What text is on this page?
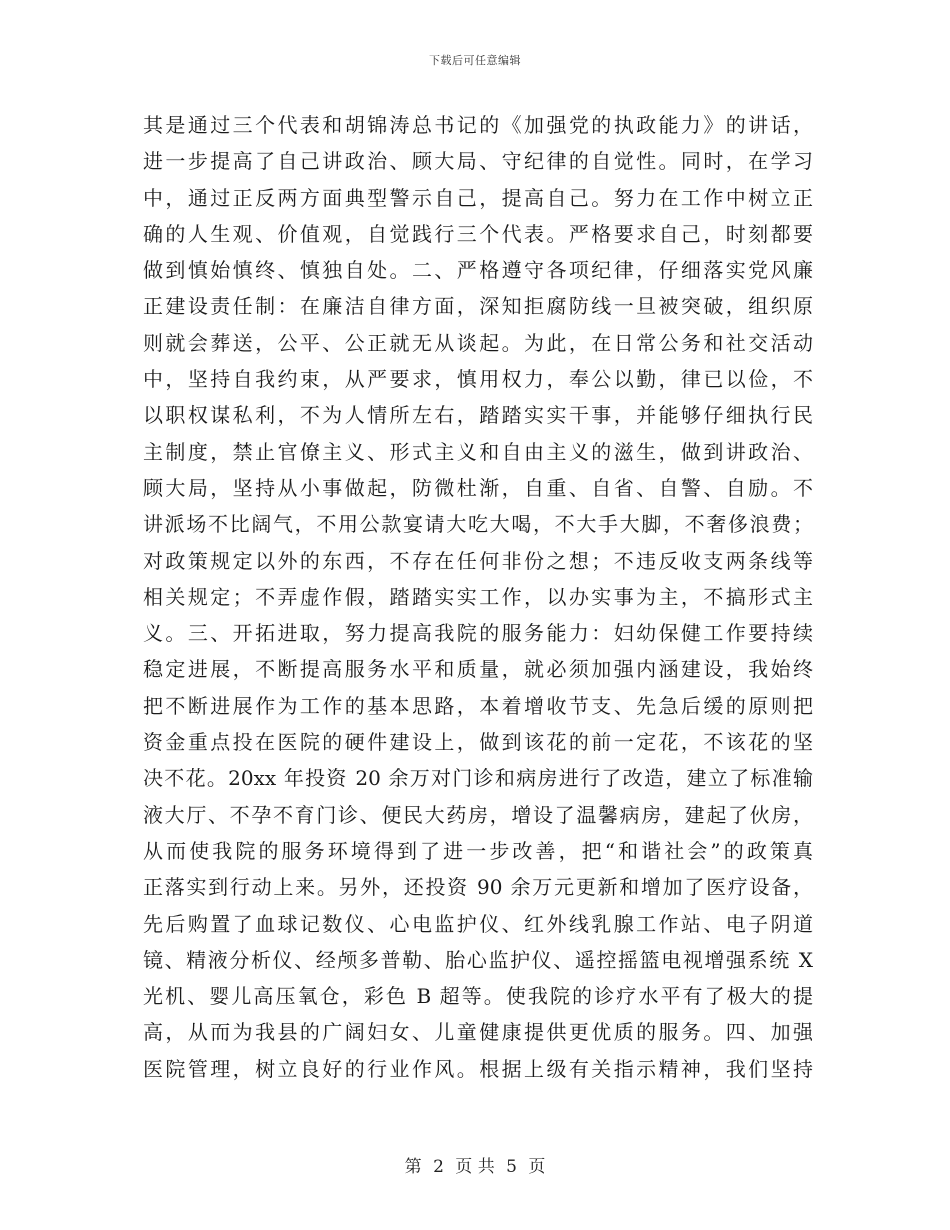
下载后可任意编辑
其是通过三个代表和胡锦涛总书记的《加强党的执政能力》的讲话，
进一步提高了自己讲政治、顾大局、守纪律的自觉性。同时，在学习
中，通过正反两方面典型警示自己，提高自己。努力在工作中树立正
确的人生观、价值观，自觉践行三个代表。严格要求自己，时刻都要
做到慎始慎终、慎独自处。二、严格遵守各项纪律，仔细落实党风廉
正建设责任制：在廉洁自律方面，深知拒腐防线一旦被突破，组织原
则就会葬送，公平、公正就无从谈起。为此，在日常公务和社交活动
中，坚持自我约束，从严要求，慎用权力，奉公以勤，律已以俭，不
以职权谋私利，不为人情所左右，踏踏实实干事，并能够仔细执行民
主制度，禁止官僚主义、形式主义和自由主义的滋生，做到讲政治、
顾大局，坚持从小事做起，防微杜渐，自重、自省、自警、自励。不
讲派场不比阔气，不用公款宴请大吃大喝，不大手大脚，不奢侈浪费；
对政策规定以外的东西，不存在任何非份之想；不违反收支两条线等
相关规定；不弄虚作假，踏踏实实工作，以办实事为主，不搞形式主
义。三、开拓进取，努力提高我院的服务能力：妇幼保健工作要持续
稳定进展，不断提高服务水平和质量，就必须加强内涵建设，我始终
把不断进展作为工作的基本思路，本着增收节支、先急后缓的原则把
资金重点投在医院的硬件建设上，做到该花的前一定花，不该花的坚
决不花。20xx 年投资 20 余万对门诊和病房进行了改造，建立了标准输
液大厅、不孕不育门诊、便民大药房，增设了温馨病房，建起了伙房，
从而使我院的服务环境得到了进一步改善，把“和谐社会”的政策真
正落实到行动上来。另外，还投资 90 余万元更新和增加了医疗设备，
先后购置了血球记数仪、心电监护仪、红外线乳腺工作站、电子阴道
镜、精液分析仪、经颅多普勒、胎心监护仪、遥控摇篮电视增强系统 X
光机、婴儿高压氧仓，彩色 B 超等。使我院的诊疗水平有了极大的提
高，从而为我县的广阔妇女、儿童健康提供更优质的服务。四、加强
医院管理，树立良好的行业作风。根据上级有关指示精神，我们坚持
第 2 页 共 5 页
